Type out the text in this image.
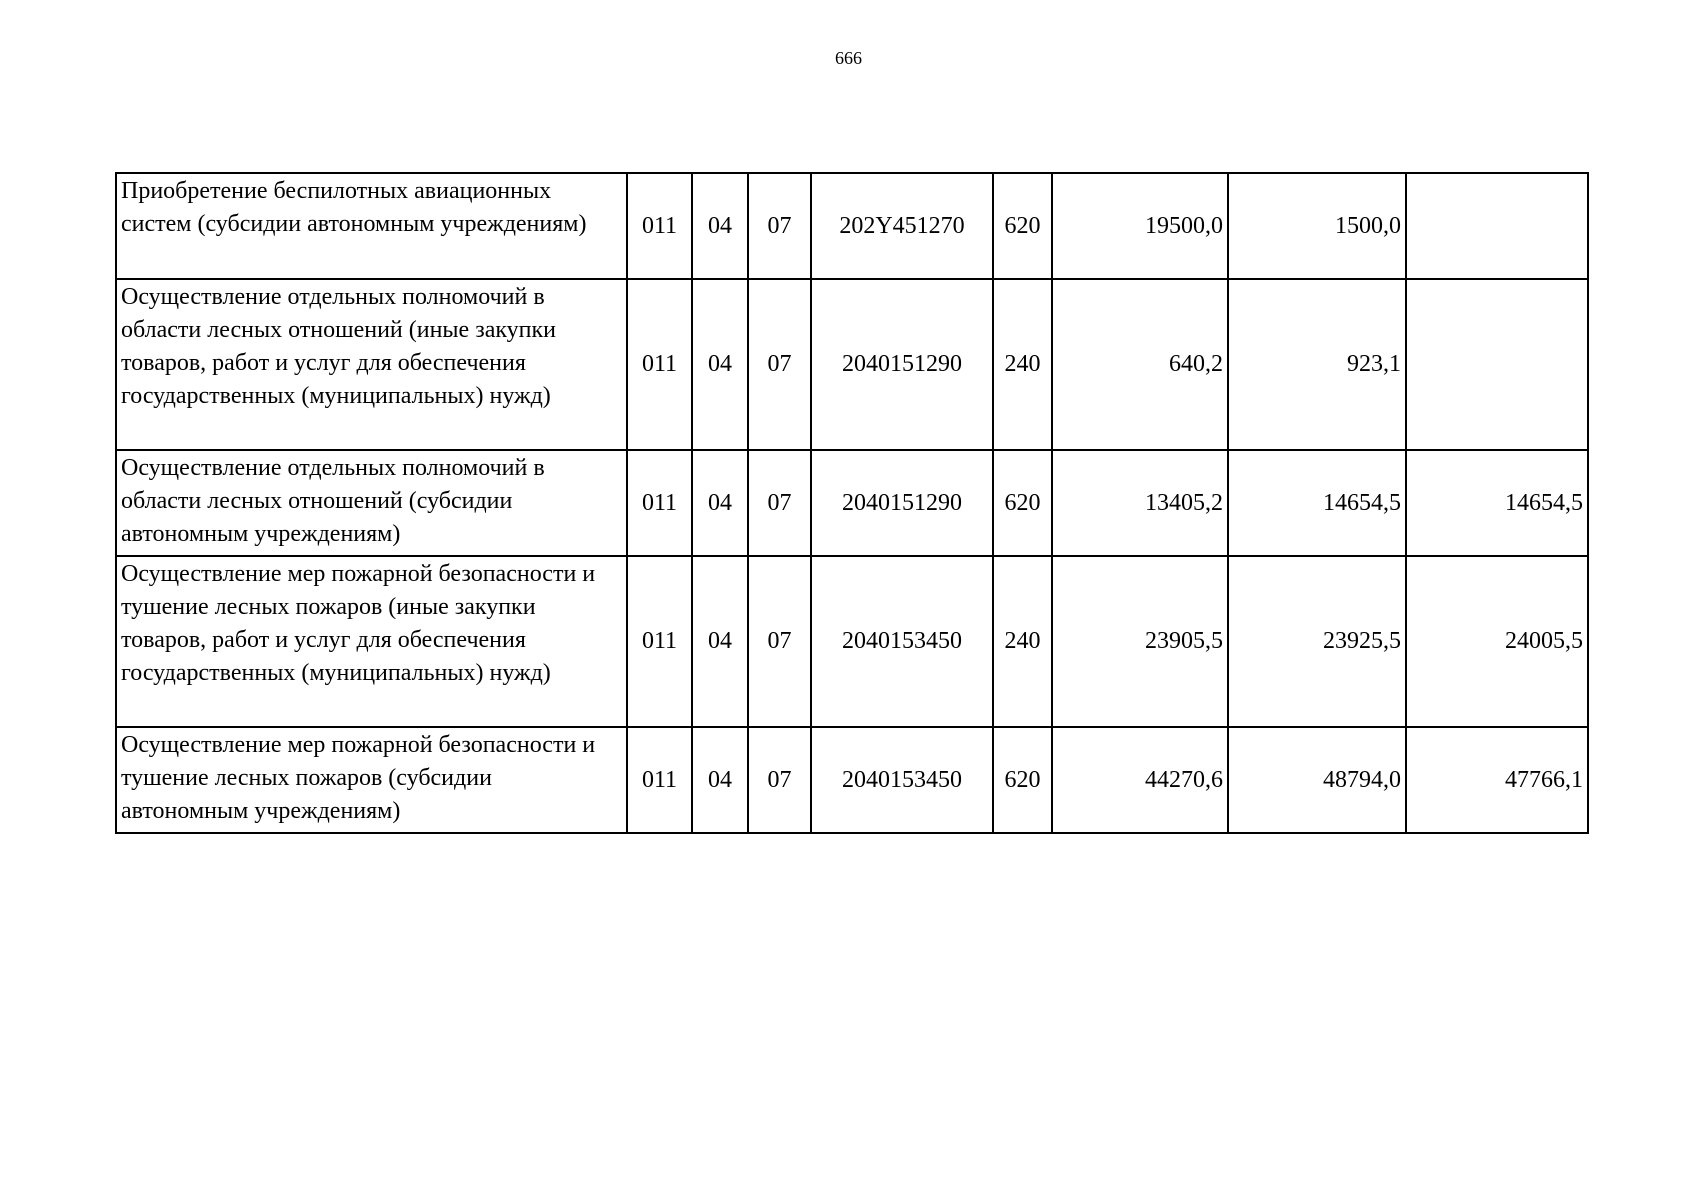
666
Приобретение беспилотных авиационных систем (субсидии автономным учреждениям)	011	04	07	202Y451270	620	19500,0	1500,0	
Осуществление отдельных полномочий в области лесных отношений (иные закупки товаров, работ и услуг для обеспечения государственных (муниципальных) нужд)	011	04	07	2040151290	240	640,2	923,1	
Осуществление отдельных полномочий в области лесных отношений (субсидии автономным учреждениям)	011	04	07	2040151290	620	13405,2	14654,5	14654,5
Осуществление мер пожарной безопасности и тушение лесных пожаров (иные закупки товаров, работ и услуг для обеспечения государственных (муниципальных) нужд)	011	04	07	2040153450	240	23905,5	23925,5	24005,5
Осуществление мер пожарной безопасности и тушение лесных пожаров (субсидии автономным учреждениям)	011	04	07	2040153450	620	44270,6	48794,0	47766,1
